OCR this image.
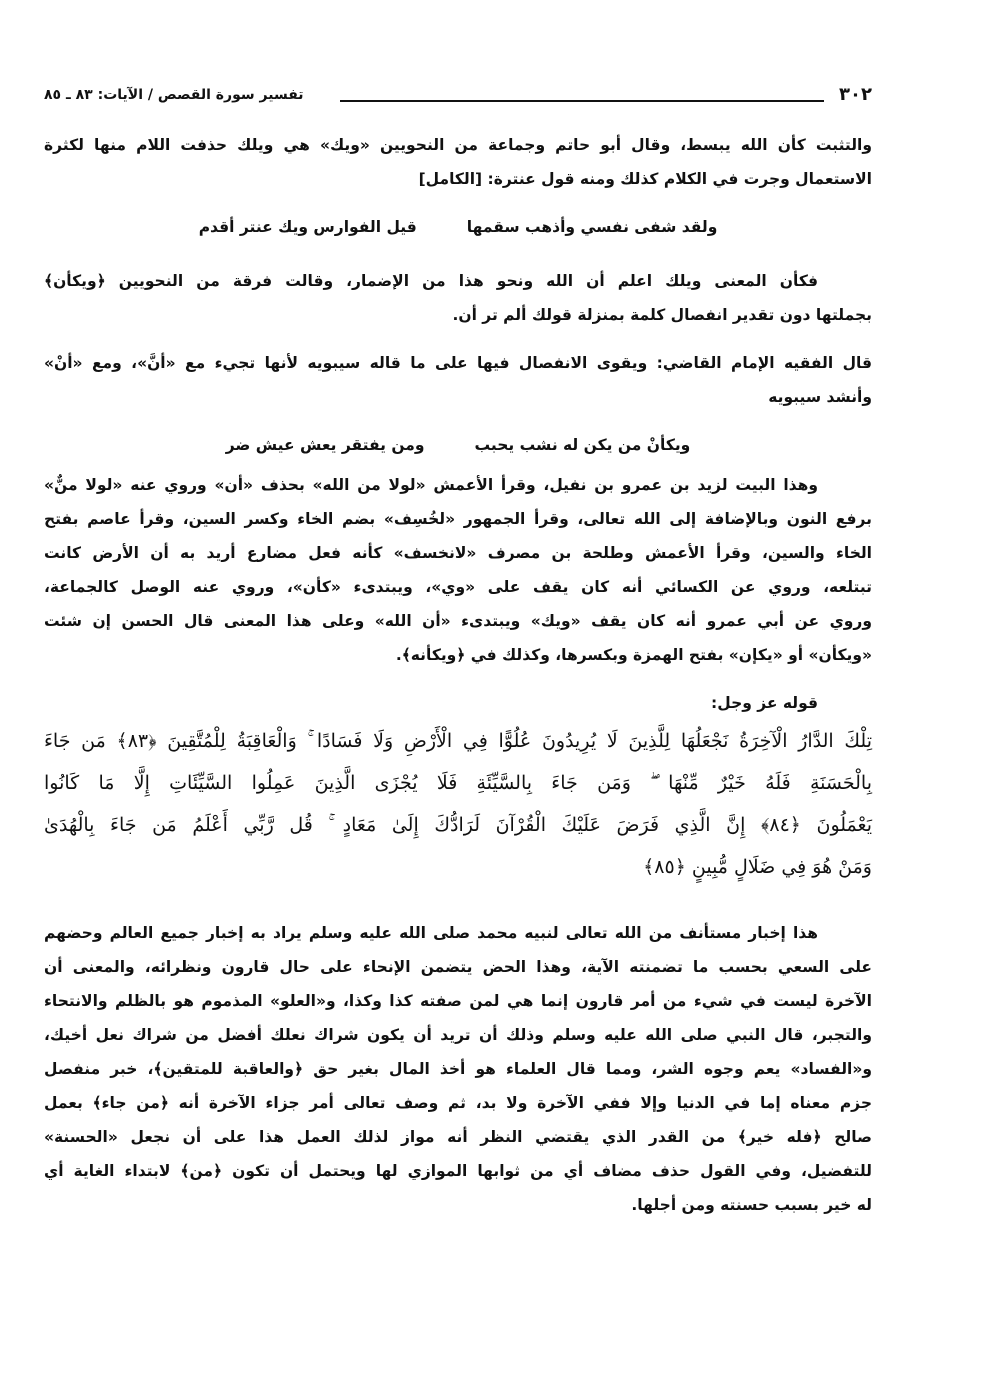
٣٠٢
تفسير سورة القصص / الآيات: ٨٣ ـ ٨٥
والتثبت كأن الله يبسط، وقال أبو حاتم وجماعة من النحويين «ويك» هي ويلك حذفت اللام منها لكثرة
الاستعمال وجرت في الكلام كذلك ومنه قول عنترة: [الكامل]
ولقد شفى نفسي وأذهب سقمها
قيل الفوارس ويك عنتر أقدم
فكأن المعنى ويلك اعلم أن الله ونحو هذا من الإضمار، وقالت فرقة من النحويين ﴿ويكأن﴾
بجملتها دون تقدير انفصال كلمة بمنزلة قولك ألم تر أن.
قال الفقيه الإمام القاضي: ويقوى الانفصال فيها على ما قاله سيبويه لأنها تجيء مع «أنَّ»، ومع «أنْ»
وأنشد سيبويه
ويكأنْ من يكن له نشب يحبب
ومن يفتقر يعش عيش ضر
وهذا البيت لزيد بن عمرو بن نفيل، وقرأ الأعمش «لولا من الله» بحذف «أن» وروي عنه «لولا منٌّ»
برفع النون وبالإضافة إلى الله تعالى، وقرأ الجمهور «لخُسِف» بضم الخاء وكسر السين، وقرأ عاصم بفتح
الخاء والسين، وقرأ الأعمش وطلحة بن مصرف «لانخسف» كأنه فعل مضارع أريد به أن الأرض كانت
تبتلعه، وروي عن الكسائي أنه كان يقف على «وي»، ويبتدىء «كأن»، وروي عنه الوصل كالجماعة،
وروي عن أبي عمرو أنه كان يقف «ويك» ويبتدىء «أن الله» وعلى هذا المعنى قال الحسن إن شئت
«ويكأن» أو «يكإن» بفتح الهمزة وبكسرها، وكذلك في ﴿ويكأنه﴾.
قوله عز وجل:
تِلْكَ الدَّارُ الْآخِرَةُ نَجْعَلُهَا لِلَّذِينَ لَا يُرِيدُونَ عُلُوًّا فِي الْأَرْضِ وَلَا فَسَادًا ۚ وَالْعَاقِبَةُ لِلْمُتَّقِينَ ﴿٨٣﴾ مَن جَاءَ
بِالْحَسَنَةِ فَلَهُ خَيْرٌ مِّنْهَا ۖ وَمَن جَاءَ بِالسَّيِّئَةِ فَلَا يُجْزَى الَّذِينَ عَمِلُوا السَّيِّئَاتِ إِلَّا مَا كَانُوا
يَعْمَلُونَ ﴿٨٤﴾ إِنَّ الَّذِي فَرَضَ عَلَيْكَ الْقُرْآنَ لَرَادُّكَ إِلَىٰ مَعَادٍ ۚ قُل رَّبِّي أَعْلَمُ مَن جَاءَ بِالْهُدَىٰ
وَمَنْ هُوَ فِي ضَلَالٍ مُّبِينٍ ﴿٨٥﴾
هذا إخبار مستأنف من الله تعالى لنبيه محمد صلى الله عليه وسلم يراد به إخبار جميع العالم وحضهم
على السعي بحسب ما تضمنته الآية، وهذا الحض يتضمن الإنحاء على حال قارون ونظرائه، والمعنى أن
الآخرة ليست في شيء من أمر قارون إنما هي لمن صفته كذا وكذا، و«العلو» المذموم هو بالظلم والانتحاء
والتجبر، قال النبي صلى الله عليه وسلم وذلك أن تريد أن يكون شراك نعلك أفضل من شراك نعل أخيك،
و«الفساد» يعم وجوه الشر، ومما قال العلماء هو أخذ المال بغير حق ﴿والعاقبة للمتقين﴾، خبر منفصل
جزم معناه إما في الدنيا وإلا ففي الآخرة ولا بد، ثم وصف تعالى أمر جزاء الآخرة أنه ﴿من جاء﴾ بعمل
صالح ﴿فله خير﴾ من القدر الذي يقتضي النظر أنه مواز لذلك العمل هذا على أن نجعل «الحسنة»
للتفضيل، وفي القول حذف مضاف أي من ثوابها الموازي لها ويحتمل أن تكون ﴿من﴾ لابتداء الغاية أي
له خير بسبب حسنته ومن أجلها.
